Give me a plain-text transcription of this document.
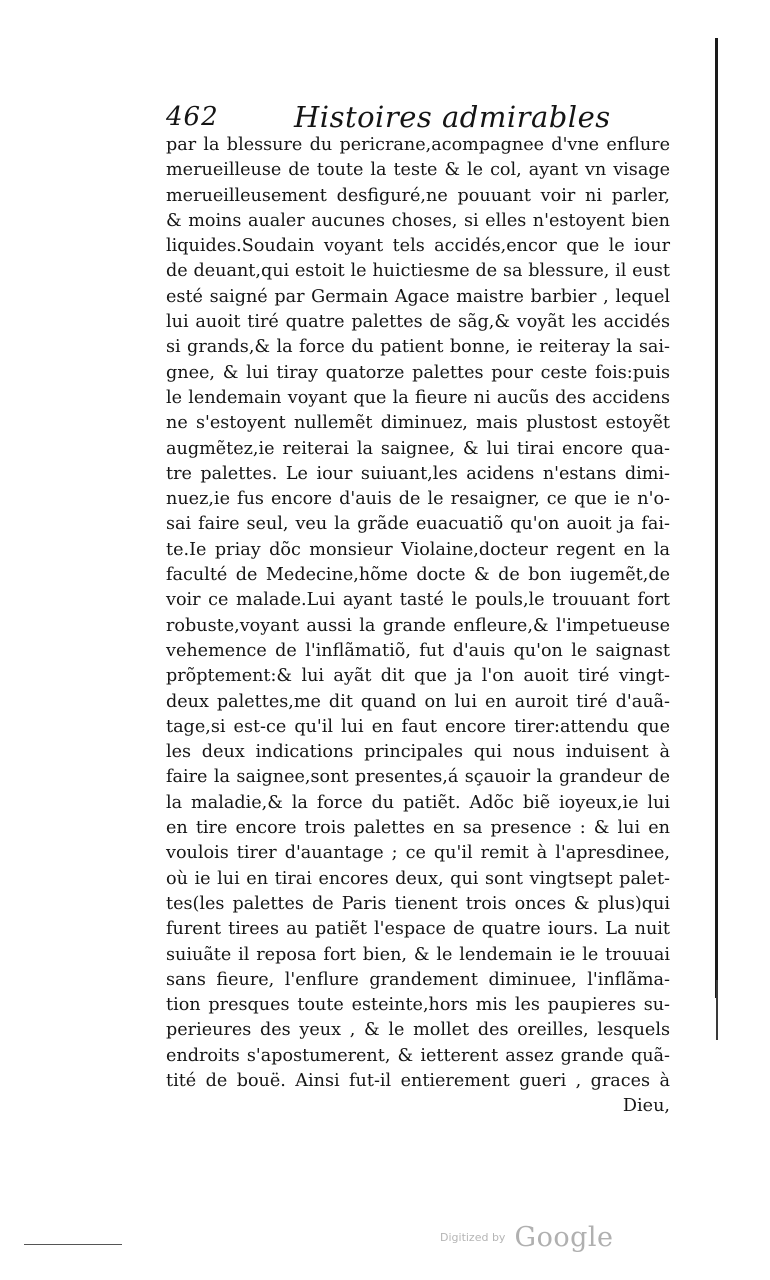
462	Histoires admirables
par la blessure du pericrane,acompagnee d'vne enflure
merueilleuse de toute la teste & le col, ayant vn visage
merueilleusement desfiguré,ne pouuant voir ni parler,
& moins aualer aucunes choses, si elles n'estoyent bien
liquides.Soudain voyant tels accidés,encor que le iour
de deuant,qui estoit le huictiesme de sa blessure, il eust
esté saigné par Germain Agace maistre barbier , lequel
lui auoit tiré quatre palettes de sãg,& voyãt les accidés
si grands,& la force du patient bonne, ie reiteray la sai-
gnee, & lui tiray quatorze palettes pour ceste fois:puis
le lendemain voyant que la fieure ni aucũs des accidens
ne s'estoyent nullemẽt diminuez, mais plustost estoyẽt
augmẽtez,ie reiterai la saignee, & lui tirai encore qua-
tre palettes. Le iour suiuant,les acidens n'estans dimi-
nuez,ie fus encore d'auis de le resaigner, ce que ie n'o-
sai faire seul, veu la grãde euacuatiõ qu'on auoit ja fai-
te.Ie priay dõc monsieur Violaine,docteur regent en la
faculté de Medecine,hõme docte & de bon iugemẽt,de
voir ce malade.Lui ayant tasté le pouls,le trouuant fort
robuste,voyant aussi la grande enfleure,& l'impetueuse
vehemence de l'inflãmatiõ, fut d'auis qu'on le saignast
prõptement:& lui ayãt dit que ja l'on auoit tiré vingt-
deux palettes,me dit quand on lui en auroit tiré d'auã-
tage,si est-ce qu'il lui en faut encore tirer:attendu que
les deux indications principales qui nous induisent à
faire la saignee,sont presentes,á sçauoir la grandeur de
la maladie,& la force du patiẽt. Adõc biẽ ioyeux,ie lui
en tire encore trois palettes en sa presence : & lui en
voulois tirer d'auantage ; ce qu'il remit à l'apresdinee,
où ie lui en tirai encores deux, qui sont vingtsept palet-
tes(les palettes de Paris tienent trois onces & plus)qui
furent tirees au patiẽt l'espace de quatre iours. La nuit
suiuãte il reposa fort bien, & le lendemain ie le trouuai
sans fieure, l'enflure grandement diminuee, l'inflãma-
tion presques toute esteinte,hors mis les paupieres su-
perieures des yeux , & le mollet des oreilles, lesquels
endroits s'apostumerent, & ietterent assez grande quã-
tité de bouë. Ainsi fut-il entierement gueri , graces à
Dieu,
Digitized by Google
